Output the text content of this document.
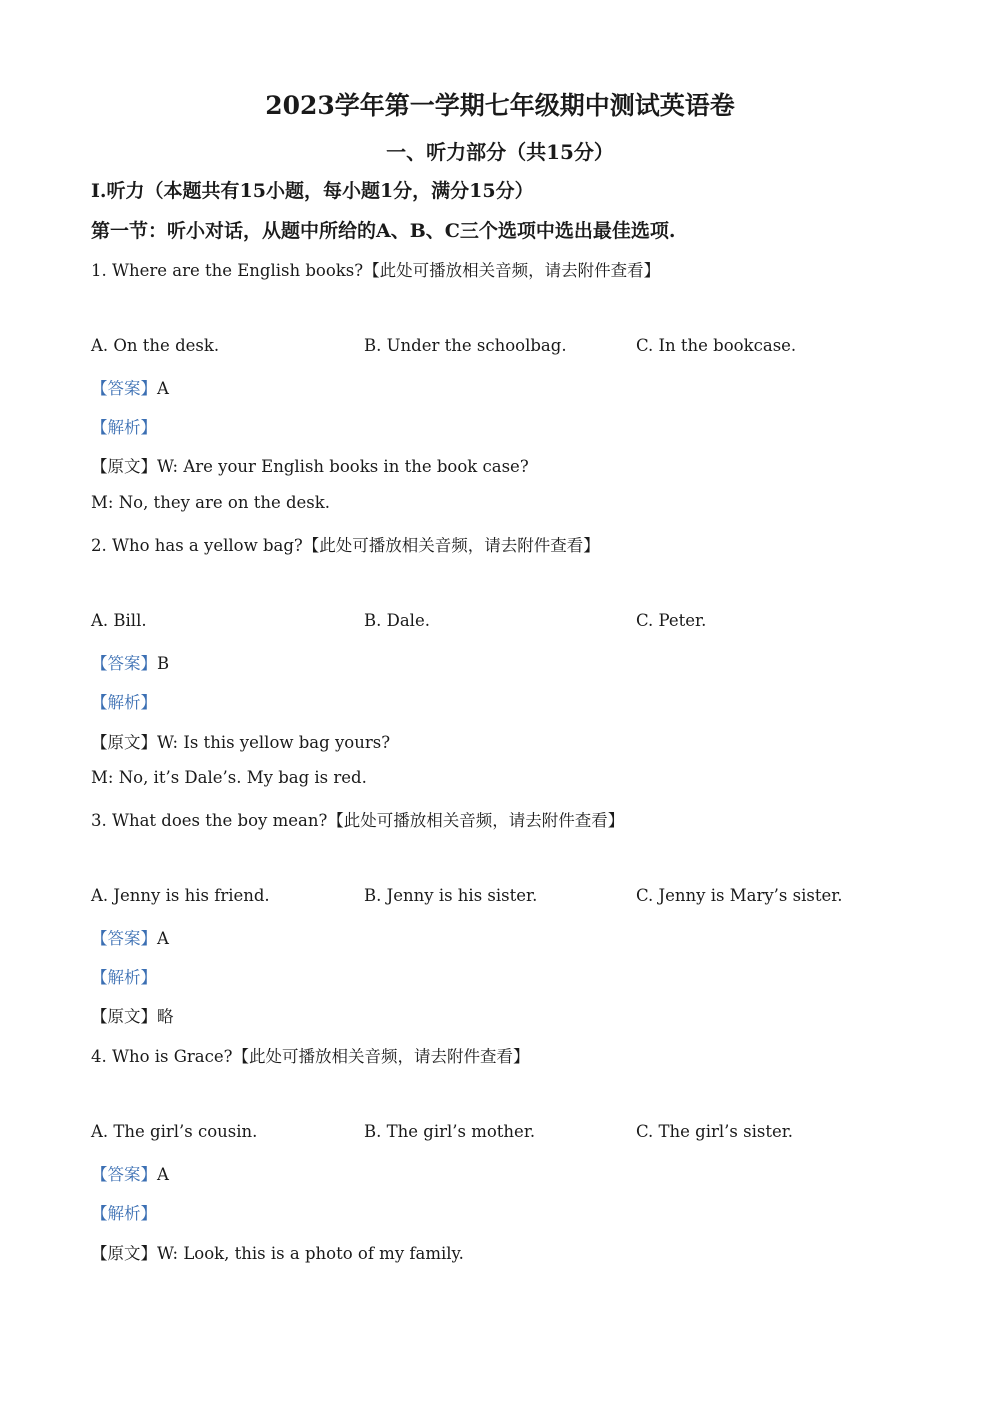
2023学年第一学期七年级期中测试英语卷
一、听力部分（共15分）
Ⅰ.听力（本题共有15小题，每小题1分，满分15分）
第一节：听小对话，从题中所给的A、B、C三个选项中选出最佳选项.
1. Where are the English books?【此处可播放相关音频，请去附件查看】
A. On the desk.	B. Under the schoolbag.	C. In the bookcase.
【答案】A
【解析】
【原文】W: Are your English books in the book case?
M: No, they are on the desk.
2. Who has a yellow bag?【此处可播放相关音频，请去附件查看】
A. Bill.	B. Dale.	C. Peter.
【答案】B
【解析】
【原文】W: Is this yellow bag yours?
M: No, it’s Dale’s. My bag is red.
3. What does the boy mean?【此处可播放相关音频，请去附件查看】
A. Jenny is his friend.	B. Jenny is his sister.	C. Jenny is Mary’s sister.
【答案】A
【解析】
【原文】略
4. Who is Grace?【此处可播放相关音频，请去附件查看】
A. The girl’s cousin.	B. The girl’s mother.	C. The girl’s sister.
【答案】A
【解析】
【原文】W: Look, this is a photo of my family.
